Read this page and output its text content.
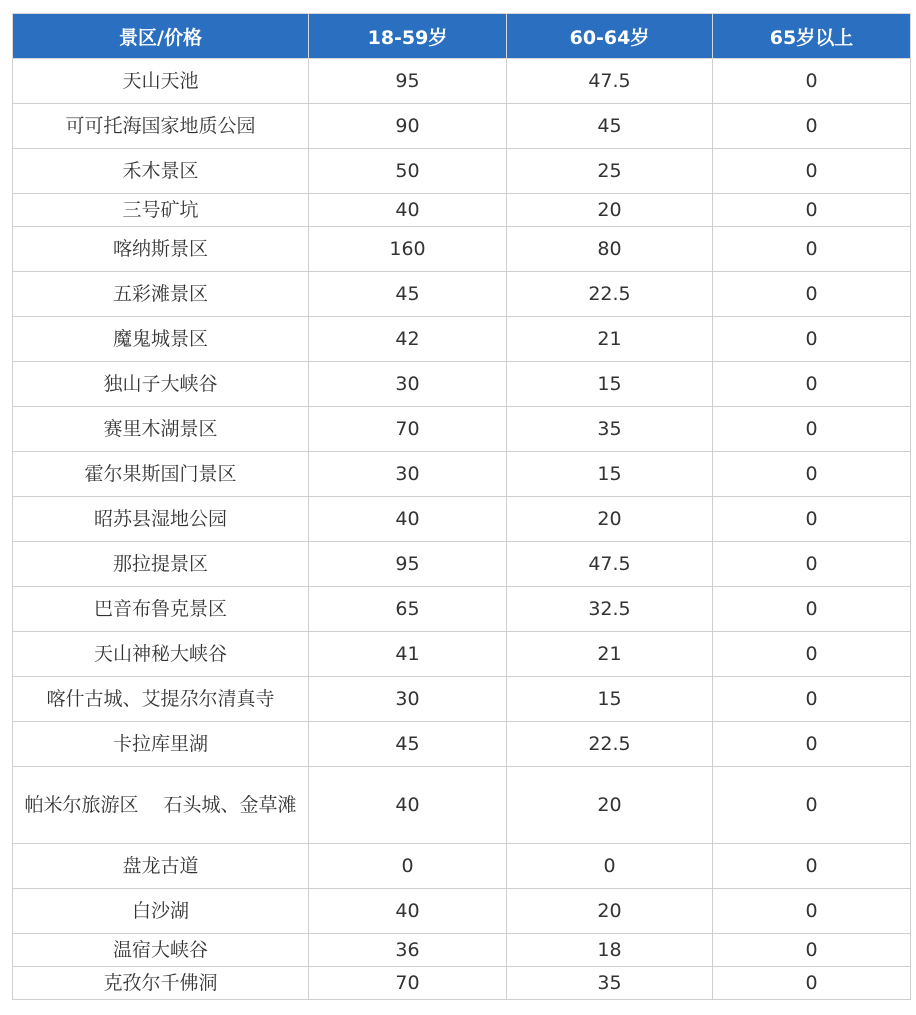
景区/价格	18-59岁	60-64岁	65岁以上
天山天池	95	47.5	0
可可托海国家地质公园	90	45	0
禾木景区	50	25	0
三号矿坑	40	20	0
喀纳斯景区	160	80	0
五彩滩景区	45	22.5	0
魔鬼城景区	42	21	0
独山子大峡谷	30	15	0
赛里木湖景区	70	35	0
霍尔果斯国门景区	30	15	0
昭苏县湿地公园	40	20	0
那拉提景区	95	47.5	0
巴音布鲁克景区	65	32.5	0
天山神秘大峡谷	41	21	0
喀什古城、艾提尕尔清真寺	30	15	0
卡拉库里湖	45	22.5	0
帕米尔旅游区　 石头城、金草滩	40	20	0
盘龙古道	0	0	0
白沙湖	40	20	0
温宿大峡谷	36	18	0
克孜尔千佛洞	70	35	0
